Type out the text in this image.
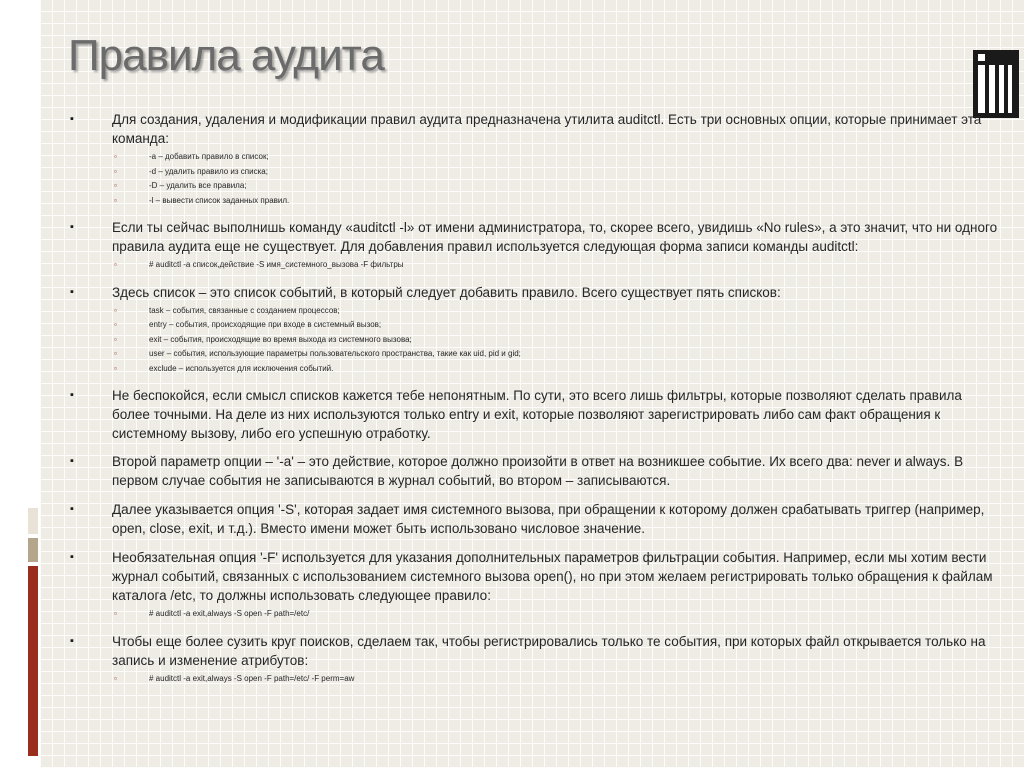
Правила аудита
▪	Для создания, удаления и модификации правил аудита предназначена утилита auditctl. Есть три основных опции, которые принимает эта команда:
▫	-a – добавить правило в список;
▫	-d – удалить правило из списка;
▫	-D – удалить все правила;
▫	-l – вывести список заданных правил.
▪	Если ты сейчас выполнишь команду «auditctl -l» от имени администратора, то, скорее всего, увидишь «No rules», а это значит, что ни одного правила аудита еще не существует. Для добавления правил используется следующая форма записи команды auditctl:
▫	# auditctl -a список,действие -S имя_системного_вызова -F фильтры
▪	Здесь список – это список событий, в который следует добавить правило. Всего существует пять списков:
▫	task – события, связанные с созданием процессов;
▫	entry – события, происходящие при входе в системный вызов;
▫	exit – события, происходящие во время выхода из системного вызова;
▫	user – события, использующие параметры пользовательского пространства, такие как uid, pid и gid;
▫	exclude – используется для исключения событий.
▪	Не беспокойся, если смысл списков кажется тебе непонятным. По сути, это всего лишь фильтры, которые позволяют сделать правила более точными. На деле из них используются только entry и exit, которые позволяют зарегистрировать либо сам факт обращения к системному вызову, либо его успешную отработку.
▪	Второй параметр опции – '-a' – это действие, которое должно произойти в ответ на возникшее событие. Их всего два: never и always. В первом случае события не записываются в журнал событий, во втором – записываются.
▪	Далее указывается опция '-S', которая задает имя системного вызова, при обращении к которому должен срабатывать триггер (например, open, close, exit, и т.д.). Вместо имени может быть использовано числовое значение.
▪	Необязательная опция '-F' используется для указания дополнительных параметров фильтрации события. Например, если мы хотим вести журнал событий, связанных с использованием системного вызова open(), но при этом желаем регистрировать только обращения к файлам каталога /etc, то должны использовать следующее правило:
▫	# auditctl -a exit,always -S open -F path=/etc/
▪	Чтобы еще более сузить круг поисков, сделаем так, чтобы регистрировались только те события, при которых файл открывается только на запись и изменение атрибутов:
▫	# auditctl -a exit,always -S open -F path=/etc/ -F perm=aw
